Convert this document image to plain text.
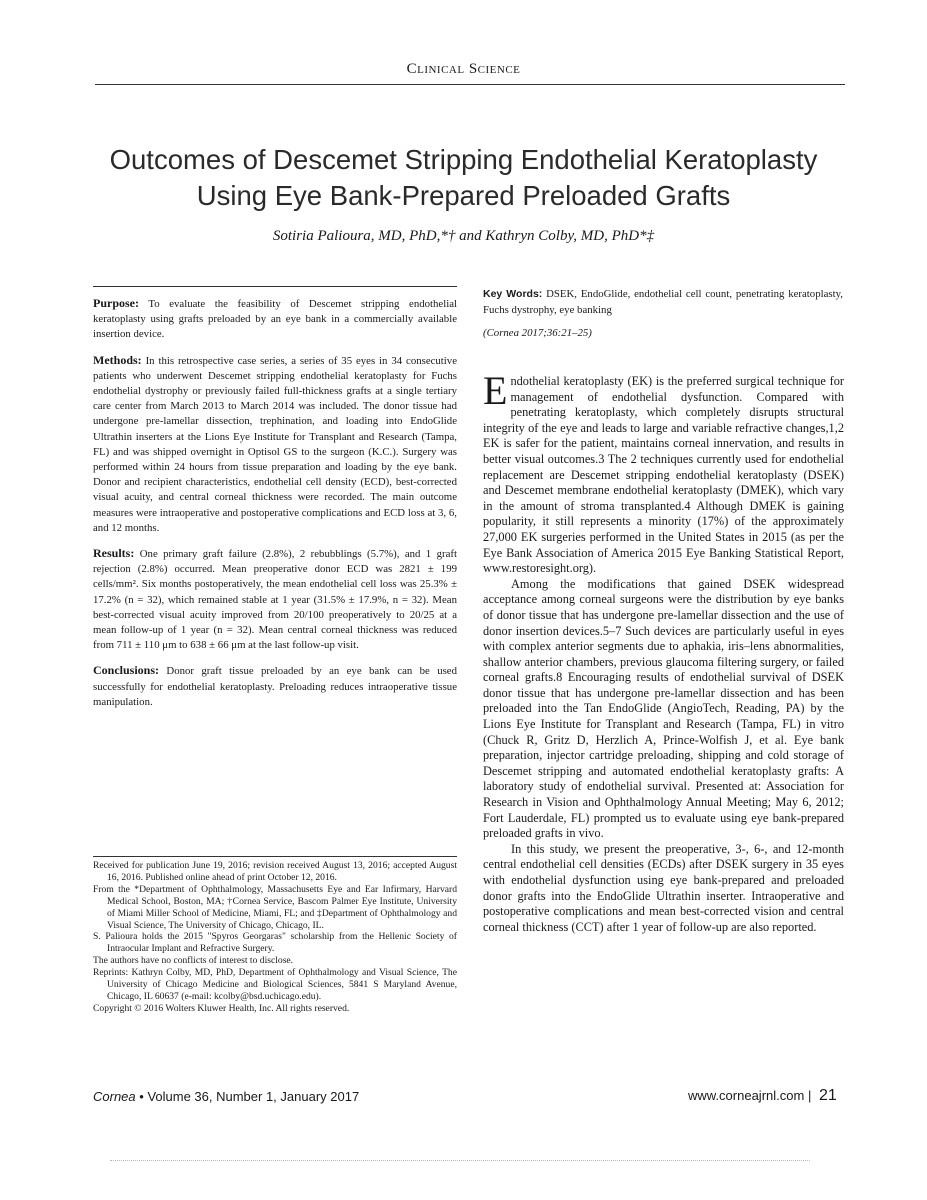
Clinical Science
Outcomes of Descemet Stripping Endothelial Keratoplasty
Using Eye Bank-Prepared Preloaded Grafts
Sotiria Palioura, MD, PhD,*† and Kathryn Colby, MD, PhD*‡

Purpose: To evaluate the feasibility of Descemet stripping endothelial keratoplasty using grafts preloaded by an eye bank in a commercially available insertion device.

Methods: In this retrospective case series, a series of 35 eyes in 34 consecutive patients who underwent Descemet stripping endothelial keratoplasty for Fuchs endothelial dystrophy or previously failed full-thickness grafts at a single tertiary care center from March 2013 to March 2014 was included. The donor tissue had undergone pre-lamellar dissection, trephination, and loading into EndoGlide Ultrathin inserters at the Lions Eye Institute for Transplant and Research (Tampa, FL) and was shipped overnight in Optisol GS to the surgeon (K.C.). Surgery was performed within 24 hours from tissue preparation and loading by the eye bank. Donor and recipient characteristics, endothelial cell density (ECD), best-corrected visual acuity, and central corneal thickness were recorded. The main outcome measures were intraoperative and postoperative complications and ECD loss at 3, 6, and 12 months.

Results: One primary graft failure (2.8%), 2 rebubblings (5.7%), and 1 graft rejection (2.8%) occurred. Mean preoperative donor ECD was 2821 ± 199 cells/mm². Six months postoperatively, the mean endothelial cell loss was 25.3% ± 17.2% (n = 32), which remained stable at 1 year (31.5% ± 17.9%, n = 32). Mean best-corrected visual acuity improved from 20/100 preoperatively to 20/25 at a mean follow-up of 1 year (n = 32). Mean central corneal thickness was reduced from 711 ± 110 μm to 638 ± 66 μm at the last follow-up visit.

Conclusions: Donor graft tissue preloaded by an eye bank can be used successfully for endothelial keratoplasty. Preloading reduces intraoperative tissue manipulation.

Received for publication June 19, 2016; revision received August 13, 2016; accepted August 16, 2016. Published online ahead of print October 12, 2016.

From the *Department of Ophthalmology, Massachusetts Eye and Ear Infirmary, Harvard Medical School, Boston, MA; †Cornea Service, Bascom Palmer Eye Institute, University of Miami Miller School of Medicine, Miami, FL; and ‡Department of Ophthalmology and Visual Science, The University of Chicago, Chicago, IL.

S. Palioura holds the 2015 "Spyros Georgaras" scholarship from the Hellenic Society of Intraocular Implant and Refractive Surgery.

The authors have no conflicts of interest to disclose.

Reprints: Kathryn Colby, MD, PhD, Department of Ophthalmology and Visual Science, The University of Chicago Medicine and Biological Sciences, 5841 S Maryland Avenue, Chicago, IL 60637 (e-mail: kcolby@bsd.uchicago.edu).

Copyright © 2016 Wolters Kluwer Health, Inc. All rights reserved.

Key Words: DSEK, EndoGlide, endothelial cell count, penetrating keratoplasty, Fuchs dystrophy, eye banking
(Cornea 2017;36:21–25)

Endothelial keratoplasty (EK) is the preferred surgical technique for management of endothelial dysfunction. Compared with penetrating keratoplasty, which completely disrupts structural integrity of the eye and leads to large and variable refractive changes,1,2 EK is safer for the patient, maintains corneal innervation, and results in better visual outcomes.3 The 2 techniques currently used for endothelial replacement are Descemet stripping endothelial keratoplasty (DSEK) and Descemet membrane endothelial keratoplasty (DMEK), which vary in the amount of stroma transplanted.4 Although DMEK is gaining popularity, it still represents a minority (17%) of the approximately 27,000 EK surgeries performed in the United States in 2015 (as per the Eye Bank Association of America 2015 Eye Banking Statistical Report, www.restoresight.org).

Among the modifications that gained DSEK widespread acceptance among corneal surgeons were the distribution by eye banks of donor tissue that has undergone pre-lamellar dissection and the use of donor insertion devices.5–7 Such devices are particularly useful in eyes with complex anterior segments due to aphakia, iris–lens abnormalities, shallow anterior chambers, previous glaucoma filtering surgery, or failed corneal grafts.8 Encouraging results of endothelial survival of DSEK donor tissue that has undergone pre-lamellar dissection and has been preloaded into the Tan EndoGlide (AngioTech, Reading, PA) by the Lions Eye Institute for Transplant and Research (Tampa, FL) in vitro (Chuck R, Gritz D, Herzlich A, Prince-Wolfish J, et al. Eye bank preparation, injector cartridge preloading, shipping and cold storage of Descemet stripping and automated endothelial keratoplasty grafts: A laboratory study of endothelial survival. Presented at: Association for Research in Vision and Ophthalmology Annual Meeting; May 6, 2012; Fort Lauderdale, FL) prompted us to evaluate using eye bank-prepared preloaded grafts in vivo.

In this study, we present the preoperative, 3-, 6-, and 12-month central endothelial cell densities (ECDs) after DSEK surgery in 35 eyes with endothelial dysfunction using eye bank-prepared and preloaded donor grafts into the EndoGlide Ultrathin inserter. Intraoperative and postoperative complications and mean best-corrected vision and central corneal thickness (CCT) after 1 year of follow-up are also reported.

Cornea • Volume 36, Number 1, January 2017	www.corneajrnl.com | 21
